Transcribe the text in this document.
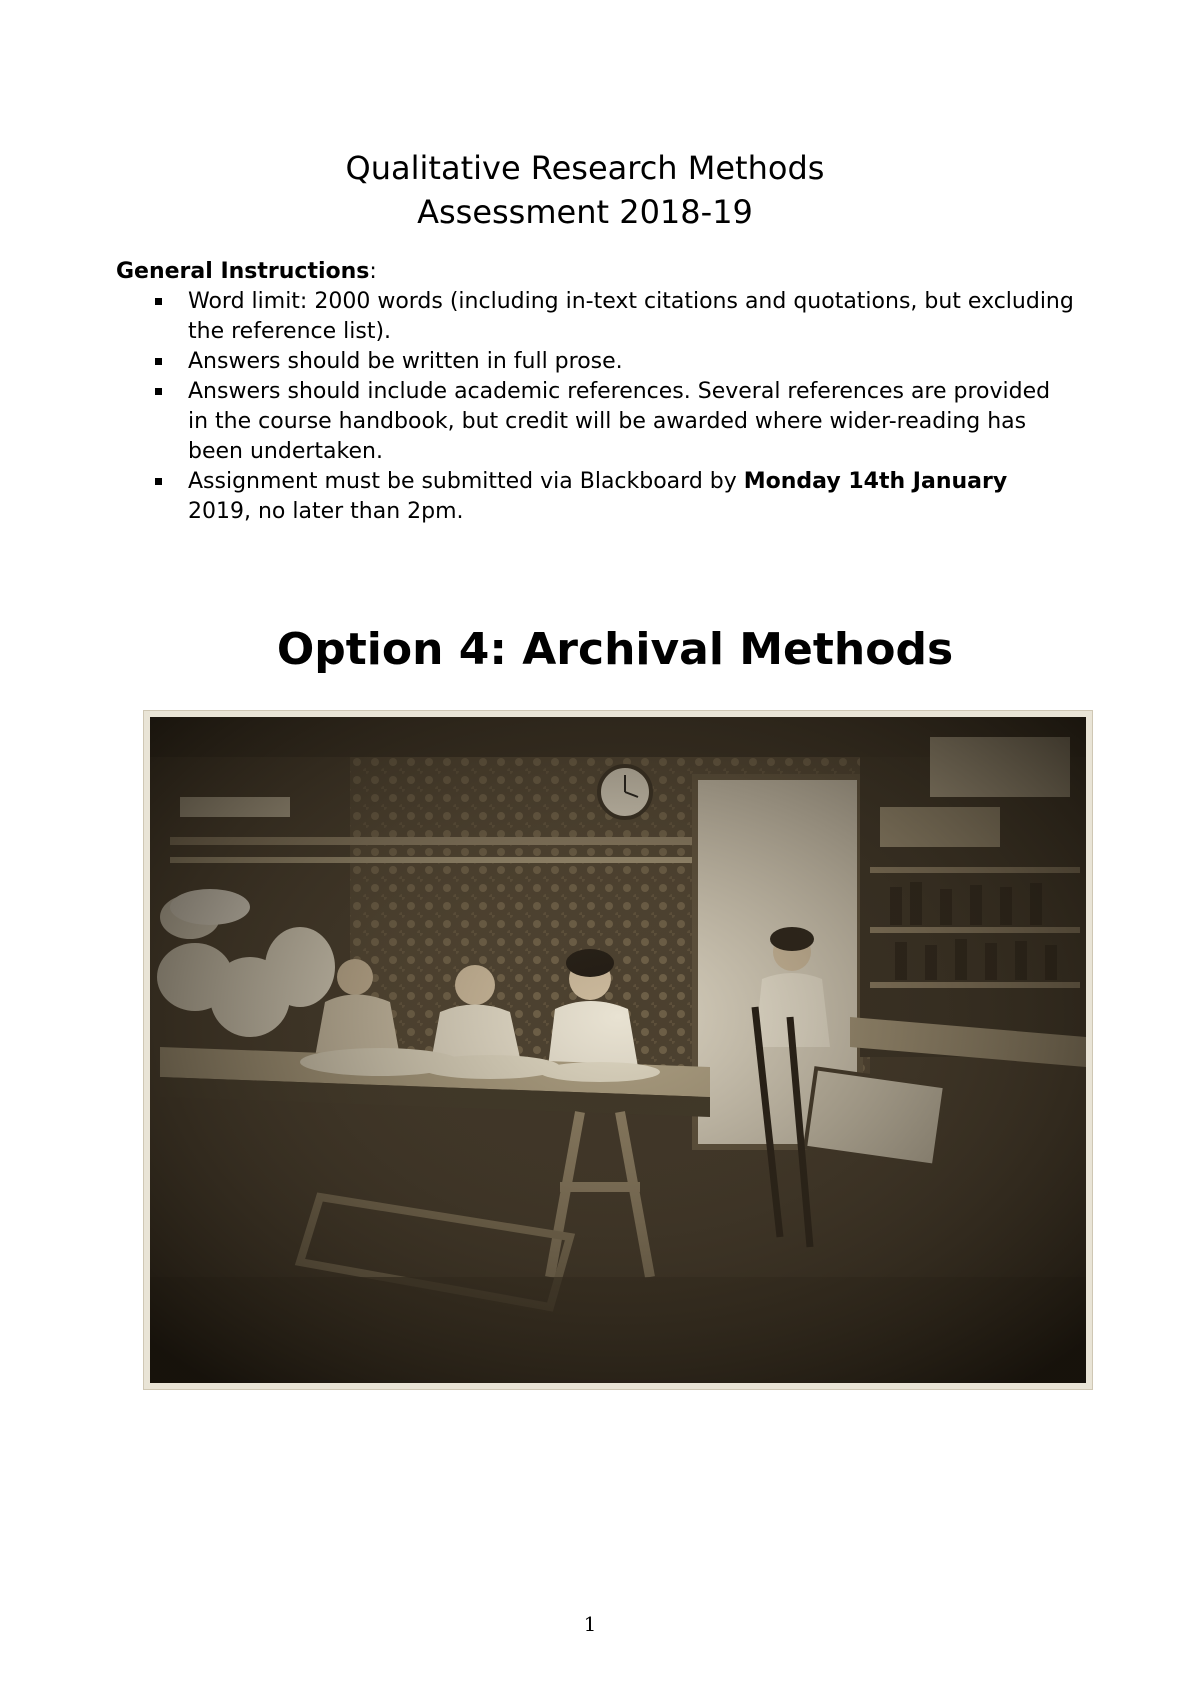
Qualitative Research Methods
Assessment 2018-19

General Instructions:

Word limit: 2000 words (including in-text citations and quotations, but excluding the reference list).
Answers should be written in full prose.
Answers should include academic references. Several references are provided in the course handbook, but credit will be awarded where wider-reading has been undertaken.
Assignment must be submitted via Blackboard by Monday 14th January 2019, no later than 2pm.
Option 4: Archival Methods
1
